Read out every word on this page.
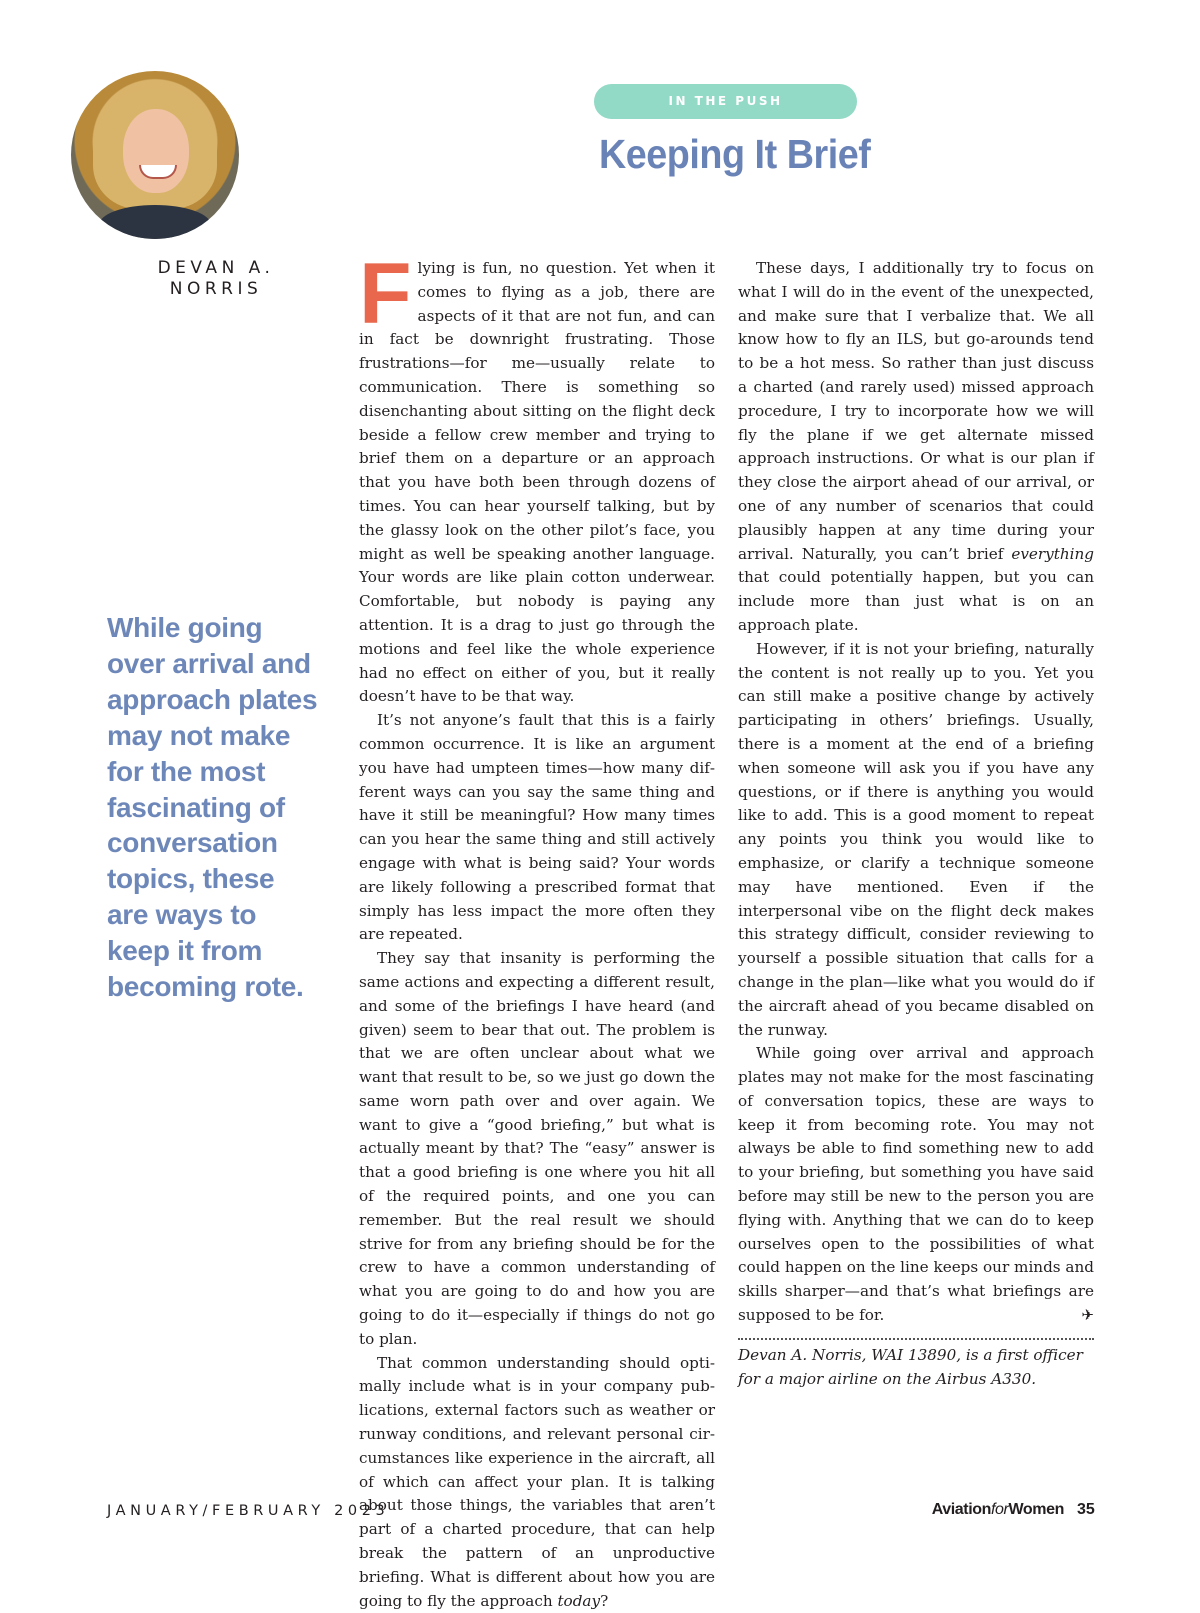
DEVAN A. NORRIS
IN THE PUSH
Keeping It Brief
While going over arrival and approach plates may not make for the most fascinating of conversation topics, these are ways to keep it from becoming rote.

Flying is fun, no question. Yet when it comes to flying as a job, there are aspects of it that are not fun, and can in fact be downright frustrating. Those frustrations—for me—usually relate to communication. There is something so disenchanting about sitting on the flight deck beside a fellow crew member and trying to brief them on a departure or an approach that you have both been through dozens of times. You can hear yourself talking, but by the glassy look on the other pilot’s face, you might as well be speaking another language. Your words are like plain cotton underwear. Comfortable, but nobody is paying any attention. It is a drag to just go through the motions and feel like the whole experience had no effect on either of you, but it really doesn’t have to be that way.

It’s not anyone’s fault that this is a fairly common occurrence. It is like an argument you have had umpteen times—how many different ways can you say the same thing and have it still be meaningful? How many times can you hear the same thing and still actively engage with what is being said? Your words are likely following a prescribed format that simply has less impact the more often they are repeated.

They say that insanity is performing the same actions and expecting a different result, and some of the briefings I have heard (and given) seem to bear that out. The problem is that we are often unclear about what we want that result to be, so we just go down the same worn path over and over again. We want to give a “good briefing,” but what is actually meant by that? The “easy” answer is that a good briefing is one where you hit all of the required points, and one you can remember. But the real result we should strive for from any briefing should be for the crew to have a common understanding of what you are going to do and how you are going to do it—especially if things do not go to plan.

That common understanding should optimally include what is in your company publications, external factors such as weather or runway conditions, and relevant personal circumstances like experience in the aircraft, all of which can affect your plan. It is talking about those things, the variables that aren’t part of a charted procedure, that can help break the pattern of an unproductive briefing. What is different about how you are going to fly the approach today?

These days, I additionally try to focus on what I will do in the event of the unexpected, and make sure that I verbalize that. We all know how to fly an ILS, but go-arounds tend to be a hot mess. So rather than just discuss a charted (and rarely used) missed approach procedure, I try to incorporate how we will fly the plane if we get alternate missed approach instructions. Or what is our plan if they close the airport ahead of our arrival, or one of any number of scenarios that could plausibly happen at any time during your arrival. Naturally, you can’t brief everything that could potentially happen, but you can include more than just what is on an approach plate.

However, if it is not your briefing, naturally the content is not really up to you. Yet you can still make a positive change by actively participating in others’ briefings. Usually, there is a moment at the end of a briefing when someone will ask you if you have any questions, or if there is anything you would like to add. This is a good moment to repeat any points you think you would like to emphasize, or clarify a technique someone may have mentioned. Even if the interpersonal vibe on the flight deck makes this strategy difficult, consider reviewing to yourself a possible situation that calls for a change in the plan—like what you would do if the aircraft ahead of you became disabled on the runway.

While going over arrival and approach plates may not make for the most fascinating of conversation topics, these are ways to keep it from becoming rote. You may not always be able to find something new to add to your briefing, but something you have said before may still be new to the person you are flying with. Anything that we can do to keep ourselves open to the possibilities of what could happen on the line keeps our minds and skills sharper—and that’s what briefings are supposed to be for.	✈

Devan A. Norris, WAI 13890, is a first officer for a major airline on the Airbus A330.

JANUARY/FEBRUARY 2023	AviationforWomen 35
